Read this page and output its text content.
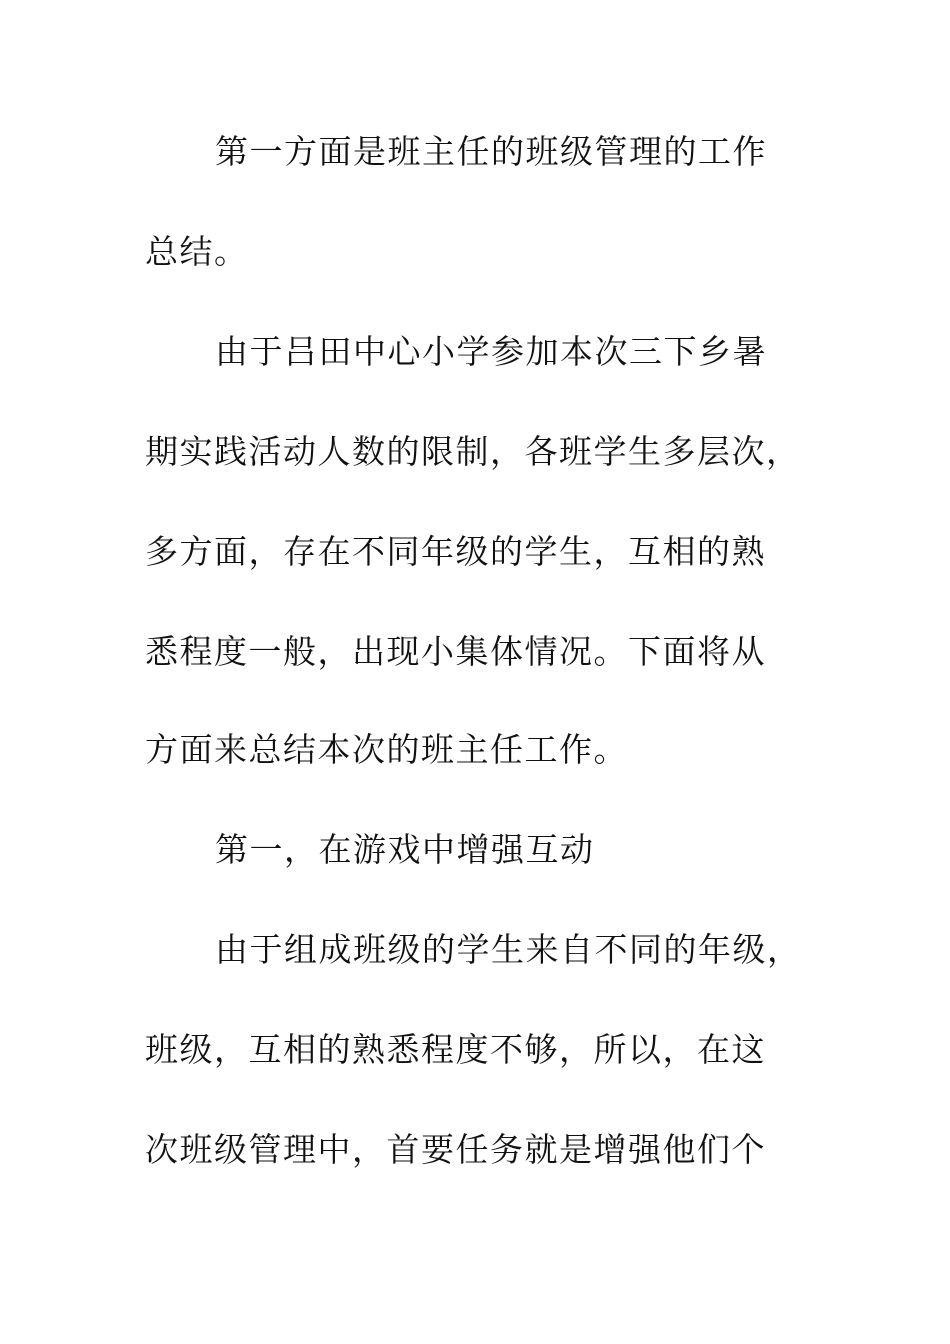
第一方面是班主任的班级管理的工作
总结。
由于吕田中心小学参加本次三下乡暑
期实践活动人数的限制，各班学生多层次，
多方面，存在不同年级的学生，互相的熟
悉程度一般，出现小集体情况。下面将从
方面来总结本次的班主任工作。
第一，在游戏中增强互动
由于组成班级的学生来自不同的年级，
班级，互相的熟悉程度不够，所以，在这
次班级管理中，首要任务就是增强他们个
